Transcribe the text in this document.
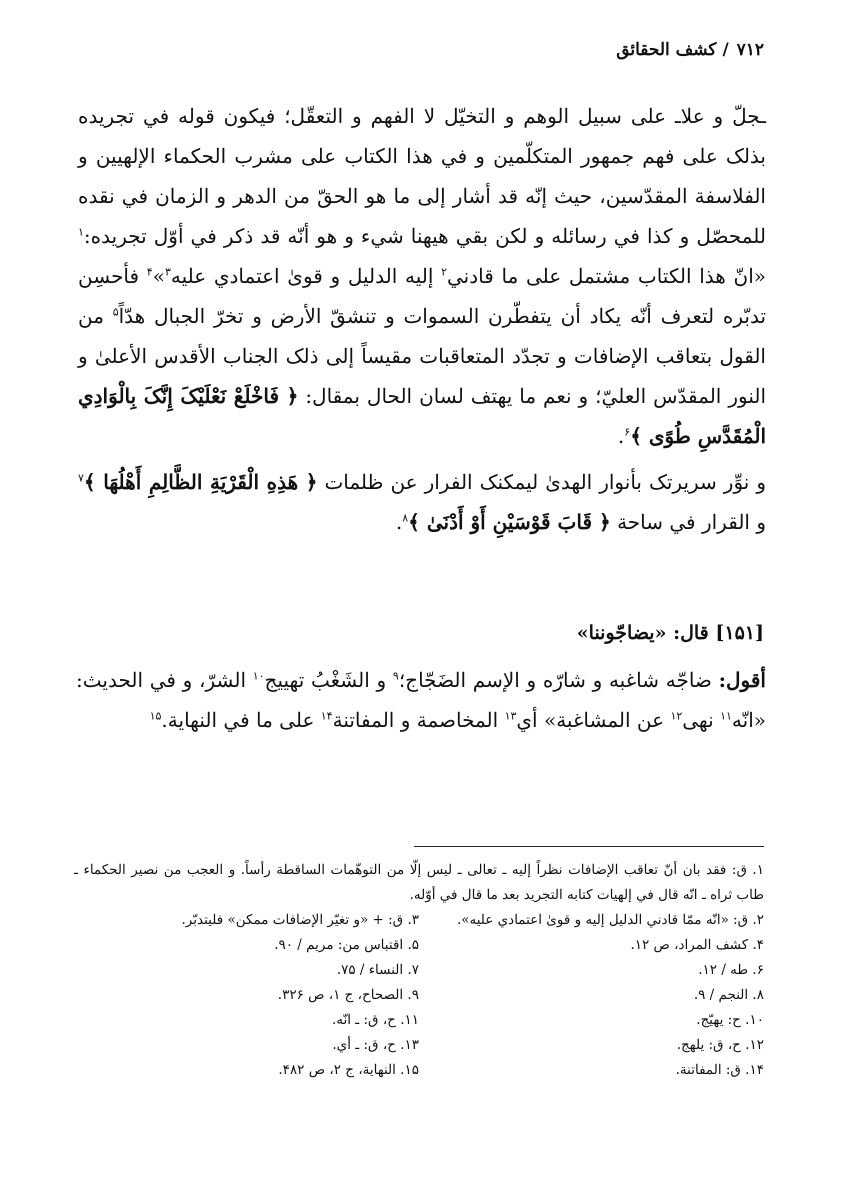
۷۱۲ / کشف الحقائق

ـجلّ و علاـ علی سبیل الوهم و التخیّل لا الفهم و التعقّل؛ فیکون قوله في تجریده بذلک علی فهم جمهور المتکلّمین و في هذا الکتاب علی مشرب الحکماء الإلهیین و الفلاسفة المقدّسین، حیث إنّه قد أشار إلی ما هو الحقّ من الدهر و الزمان في نقده للمحصّل و کذا في رسائله و لکن بقي هیهنا شيء و هو أنّه قد ذکر في أوّل تجریده:$^١$ «انّ هذا الکتاب مشتمل علی ما قادني$^٢$ إلیه الدلیل و قویٰ اعتمادي علیه$^٣$»$^۴$ فأحسِن تدبّره لتعرف أنّه یکاد أن یتفطّرن السموات و تنشقّ الأرض و تخرّ الجبال هدّاً$^۵$ من القول بتعاقب الإضافات و تجدّد المتعاقبات مقیساً إلی ذلک الجناب الأقدس الأعلیٰ و النور المقدّس العليّ؛ و نعم ما یهتف لسان الحال بمقال: ﴿ فَاخْلَعْ نَعْلَیْکَ إِنَّکَ بِالْوَادِي الْمُقَدَّسِ طُوًی ﴾$^۶$.

و نوِّر سریرتک بأنوار الهدیٰ لیمکنک الفرار عن ظلمات ﴿ هَذِهِ الْقَرْيَةِ الظَّالِمِ أَهْلُهَا ﴾$^۷$ و القرار في ساحة ﴿ قَابَ قَوْسَیْنِ أَوْ أَدْنَیٰ ﴾$^۸$.

[۱۵۱] قال: «یضاجّوننا»

أقول: ضاجّه شاغبه و شارّه و الإسم الضَجّاج؛$^۹$ و الشَغْبُ تهییج$^{۱۰}$ الشرّ، و في الحدیث: «انّه$^{۱۱}$ نهی$^{۱۲}$ عن المشاغبة» أي$^{۱۳}$ المخاصمة و المفاتنة$^{۱۴}$ علی ما في النهایة.$^{۱۵}$

۱. ق: فقد بان أنّ تعاقب الإضافات نظراً إلیه ـ تعالی ـ لیس إلّا من التوهّمات الساقطة رأساً. و العجب من نصیر الحکماء ـ طاب ثراه ـ انّه قال في إلهیات کتابه التجرید بعد ما قال في أوّله.
۲. ق: «انّه ممّا قادني الدلیل إلیه و قویٰ اعتمادي علیه».
۳. ق: + «و تغیّر الإضافات ممکن» فلیتدبّر.
۴. کشف المراد، ص ۱۲.
۵. اقتباس من: مریم / ۹۰.
۶. طه / ۱۲.
۷. النساء / ۷۵.
۸. النجم / ۹.
۹. الصحاح، ج ۱، ص ۳۲۶.
۱۰. ح: یهیّج.
۱۱. ح، ق: ـ انّه.
۱۲. ح، ق: یلهج.
۱۳. ح، ق: ـ أي.
۱۴. ق: المفاتنة.
۱۵. النهایة، ج ۲، ص ۴۸۲.
